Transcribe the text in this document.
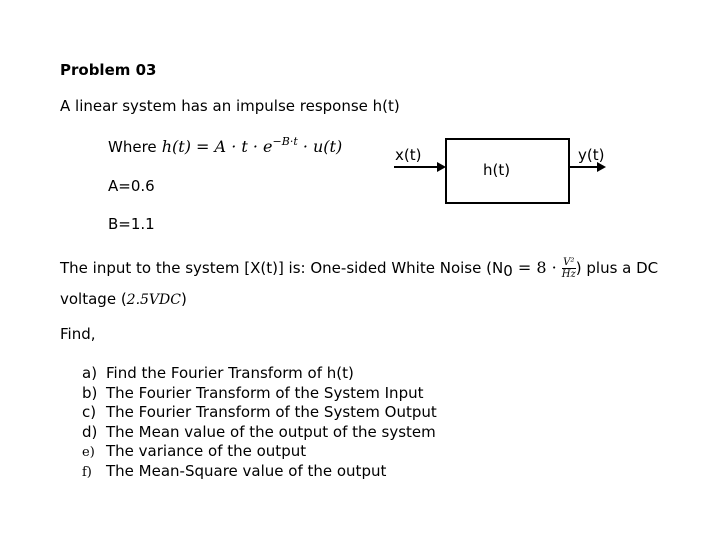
Problem 03
A linear system has an impulse response h(t)
Where $h(t) = A \cdot t \cdot e^{-B\cdot t} \cdot u(t)$
A=0.6
B=1.1
x(t)
h(t)
y(t)
The input to the system [X(t)] is: One-sided White Noise ($N_0 = 8 \cdot \frac{\text{V²}}{Hz}$ ) plus a DC
voltage (2.5VDC)
Find,
a) Find the Fourier Transform of h(t)
b) The Fourier Transform of the System Input
c) The Fourier Transform of the System Output
d) The Mean value of the output of the system
e) The variance of the output
f) The Mean-Square value of the output
